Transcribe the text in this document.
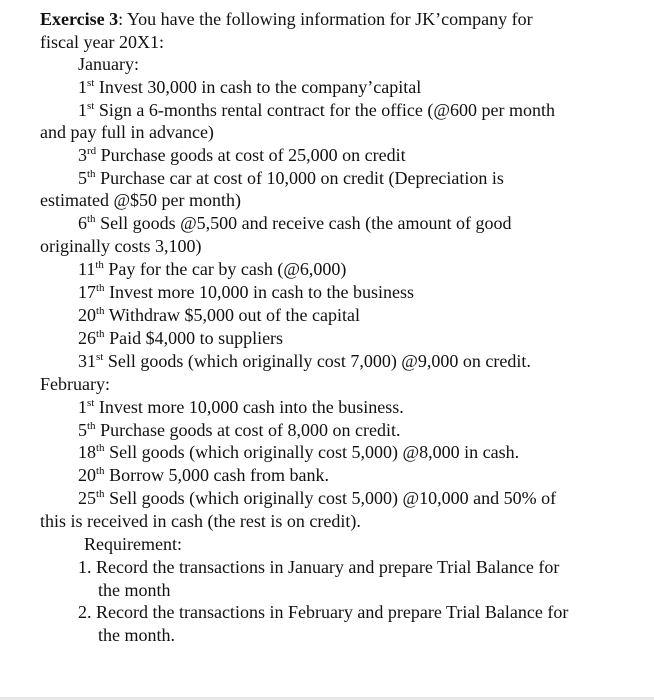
Exercise 3: You have the following information for JK’company for
fiscal year 20X1:
January:
1st Invest 30,000 in cash to the company’capital
1st Sign a 6-months rental contract for the office (@600 per month
and pay full in advance)
3rd Purchase goods at cost of 25,000 on credit
5th Purchase car at cost of 10,000 on credit (Depreciation is
estimated @$50 per month)
6th Sell goods @5,500 and receive cash (the amount of good
originally costs 3,100)
11th Pay for the car by cash (@6,000)
17th Invest more 10,000 in cash to the business
20th Withdraw $5,000 out of the capital
26th Paid $4,000 to suppliers
31st Sell goods (which originally cost 7,000) @9,000 on credit.
February:
1st Invest more 10,000 cash into the business.
5th Purchase goods at cost of 8,000 on credit.
18th Sell goods (which originally cost 5,000) @8,000 in cash.
20th Borrow 5,000 cash from bank.
25th Sell goods (which originally cost 5,000) @10,000 and 50% of
this is received in cash (the rest is on credit).
Requirement:
1. Record the transactions in January and prepare Trial Balance for
the month
2. Record the transactions in February and prepare Trial Balance for
the month.
